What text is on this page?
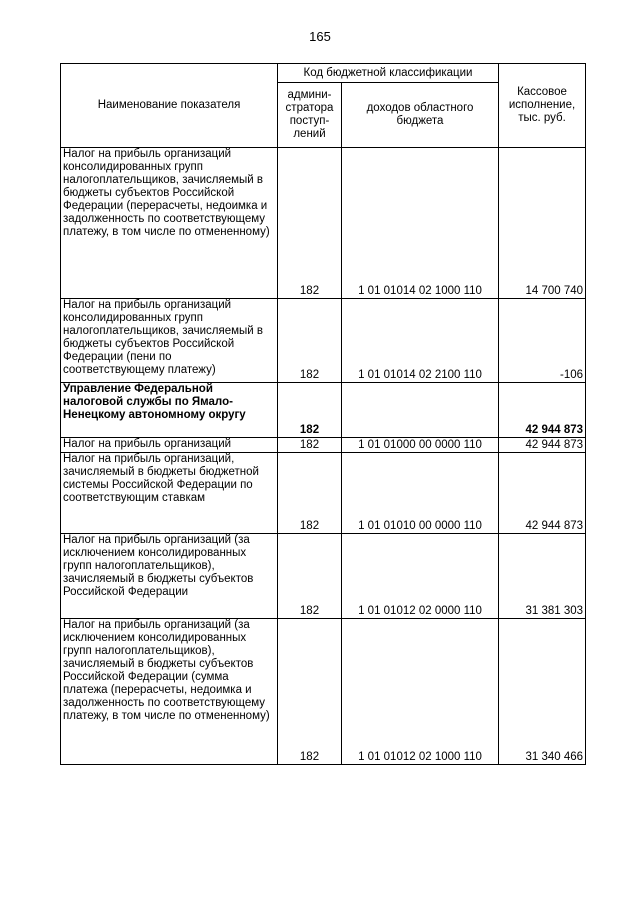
165
Наименование показателя	Код бюджетной классификации		Кассовое исполнение, тыс. руб.
	админи-стратора поступ-лений	доходов областного бюджета	
Налог на прибыль организаций консолидированных групп налогоплательщиков, зачисляемый в бюджеты субъектов Российской Федерации (перерасчеты, недоимка и задолженность по соответствующему платежу, в том числе по отмененному)	182	1 01 01014 02 1000 110	14 700 740
Налог на прибыль организаций консолидированных групп налогоплательщиков, зачисляемый в бюджеты субъектов Российской Федерации (пени по соответствующему платежу)	182	1 01 01014 02 2100 110	-106
Управление Федеральной налоговой службы по Ямало-Ненецкому автономному округу	182		42 944 873
Налог на прибыль организаций	182	1 01 01000 00 0000 110	42 944 873
Налог на прибыль организаций, зачисляемый в бюджеты бюджетной системы Российской Федерации по соответствующим ставкам	182	1 01 01010 00 0000 110	42 944 873
Налог на прибыль организаций (за исключением консолидированных групп налогоплательщиков), зачисляемый в бюджеты субъектов Российской Федерации	182	1 01 01012 02 0000 110	31 381 303
Налог на прибыль организаций (за исключением консолидированных групп налогоплательщиков), зачисляемый в бюджеты субъектов Российской Федерации (сумма платежа (перерасчеты, недоимка и задолженность по соответствующему платежу, в том числе по отмененному)	182	1 01 01012 02 1000 110	31 340 466
